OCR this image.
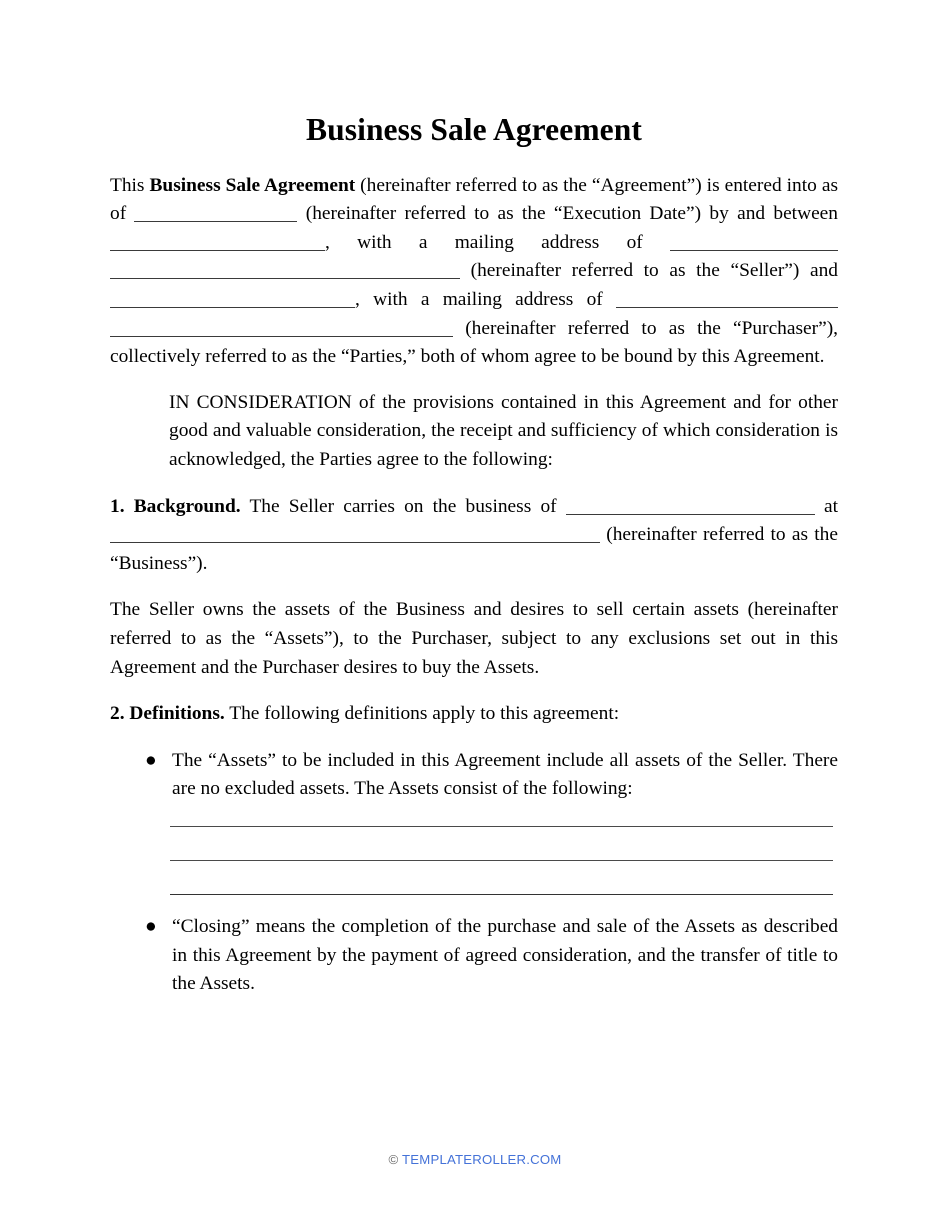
Business Sale Agreement

This Business Sale Agreement (hereinafter referred to as the “Agreement”) is entered into as of	(hereinafter referred to as the “Execution Date”) by and between , with a mailing address of  (hereinafter referred to as the “Seller”) and , with a mailing address of  (hereinafter referred to as the “Purchaser”), collectively referred to as the “Parties,” both of whom agree to be bound by this Agreement.

IN CONSIDERATION of the provisions contained in this Agreement and for other good and valuable consideration, the receipt and sufficiency of which consideration is acknowledged, the Parties agree to the following:

1. Background. The Seller carries on the business of	at  (hereinafter referred to as the “Business”).

The Seller owns the assets of the Business and desires to sell certain assets (hereinafter referred to as the “Assets”), to the Purchaser, subject to any exclusions set out in this Agreement and the Purchaser desires to buy the Assets.

2. Definitions. The following definitions apply to this agreement:

● The “Assets” to be included in this Agreement include all assets of the Seller. There are no excluded assets. The Assets consist of the following:
● “Closing” means the completion of the purchase and sale of the Assets as described in this Agreement by the payment of agreed consideration, and the transfer of title to the Assets.
© TEMPLATEROLLER.COM
